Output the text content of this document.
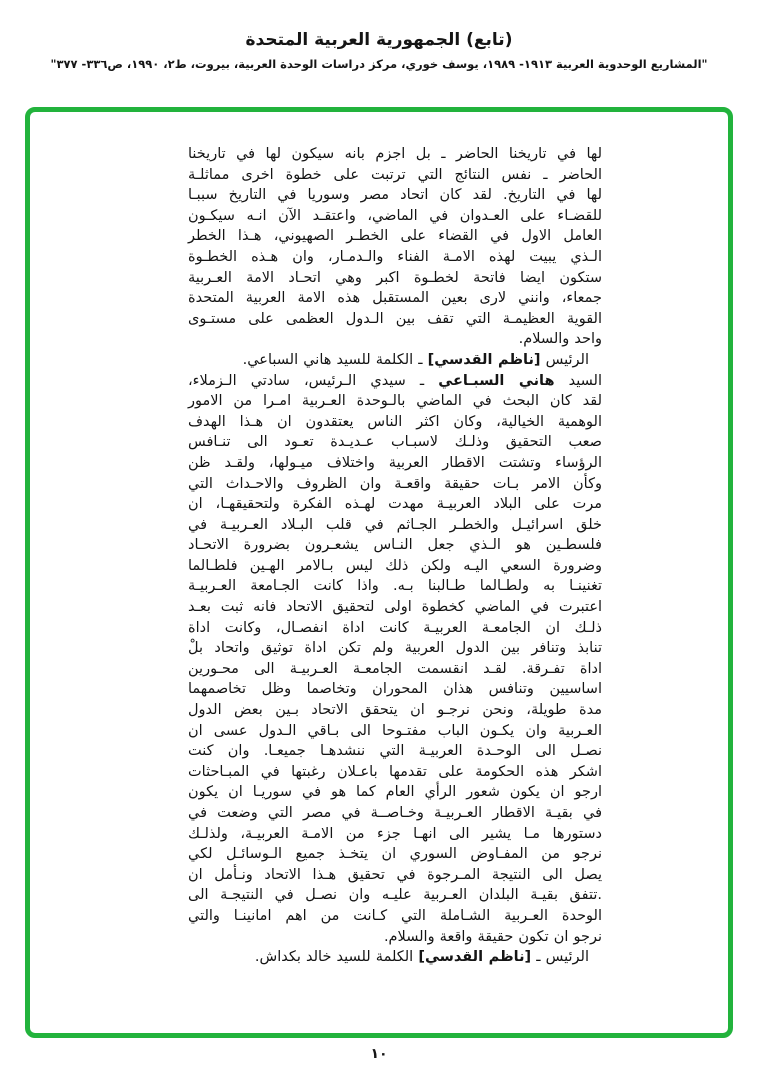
(تابع) الجمهورية العربية المتحدة
"المشاريع الوحدوية العربية ١٩١٣- ١٩٨٩، يوسف خوري، مركز دراسات الوحدة العربية، بيروت، ط٢، ١٩٩٠، ص٣٣٦- ٣٧٧"
لها في تاريخنا الحاضر ـ بل اجزم بانه سيكون لها في تاريخنا
الحاضر ـ نفس النتائج التي ترتبت على خطوة اخرى مماثلـة
لها في التاريخ. لقد كان اتحاد مصر وسوريا في التاريخ سببـا
للقضـاء على العـدوان في الماضي، واعتقـد الآن انـه سيكـون
العامل الاول في القضاء على الخطـر الصهيوني، هـذا الخطر
الـذي يبيت لهذه الامـة الفناء والـدمـار، وان هـذه الخطـوة
ستكون ايضا فاتحة لخطـوة اكبر وهي اتحـاد الامة العـربية
جمعاء، وانني لارى بعين المستقبل هذه الامة العربية المتحدة
القوية العظيمـة التي تقف بين الـدول العظمى على مستـوى
واحد والسلام.
الرئيس [ناظم القدسي] ـ الكلمة للسيد هاني السباعي.
السيد هاني السبـاعي ـ سيدي الـرئيس، سادتي الـزملاء،
لقد كان البحث في الماضي بالـوحدة العـربية امـرا من الامور
الوهمية الخيالية، وكان اكثر الناس يعتقدون ان هـذا الهدف
صعب التحقيق وذلـك لاسبـاب عـديـدة تعـود الى تنـافس
الرؤساء وتشتت الاقطار العربية واختلاف ميـولها، ولقـد ظن
وكأن الامر بـات حقيقة واقعـة وان الظروف والاحـداث التي
مرت على البلاد العربيـة مهدت لهـذه الفكرة ولتحقيقهـا، ان
خلق اسرائيـل والخطـر الجـاثم في قلب البـلاد العـربيـة في
فلسطـين هو الـذي جعل النـاس يشعـرون بضرورة الاتحـاد
وضرورة السعي اليـه ولكن ذلك ليس بـالامر الهـين فلطـالما
تغنينـا به ولطـالما طـالبنا بـه. واذا كانت الجـامعة العـربيـة
اعتبرت في الماضي كخطوة اولى لتحقيق الاتحاد فانه ثبت بعـد
ذلـك ان الجامعـة العربيـة كانت اداة انفصـال، وكانت اداة
تنابذ وتنافر بين الدول العربية ولم تكن اداة توثيق واتحاد بلْ
اداة تفـرقة. لقـد انقسمت الجامعـة العـربيـة الى محـورين
اساسيين وتنافس هذان المحوران وتخاصما وظل تخاصمهما
مدة طويلة، ونحن نرجـو ان يتحقق الاتحاد بـين بعض الدول
العـربية وان يكـون الباب مفتـوحا الى بـاقي الـدول عسى ان
نصـل الى الوحـدة العربيـة التي ننشدهـا جميعـا. وان كنت
اشكر هذه الحكومة على تقدمها باعـلان رغبتها في المبـاحثات
ارجو ان يكون شعور الرأي العام كما هو في سوريـا ان يكون
في بقيـة الاقطار العـربيـة وخـاصــة في مصر التي وضعت في
دستورها مـا يشير الى انهـا جزء من الامـة العربيـة، ولذلـك
نرجو من المفـاوض السوري ان يتخـذ جميع الـوسائـل لكي
يصل الى النتيجة المـرجوة في تحقيق هـذا الاتحاد ونـأمل ان
.تتفق بقيـة البلدان العـربية عليـه وان نصـل في النتيجـة الى
الوحدة العـربية الشـاملة التي كـانت من اهم امانينـا والتي
نرجو ان تكون حقيقة واقعة والسلام.
الرئيس ـ [ناظم القدسي] الكلمة للسيد خالد بكداش.
١٠
